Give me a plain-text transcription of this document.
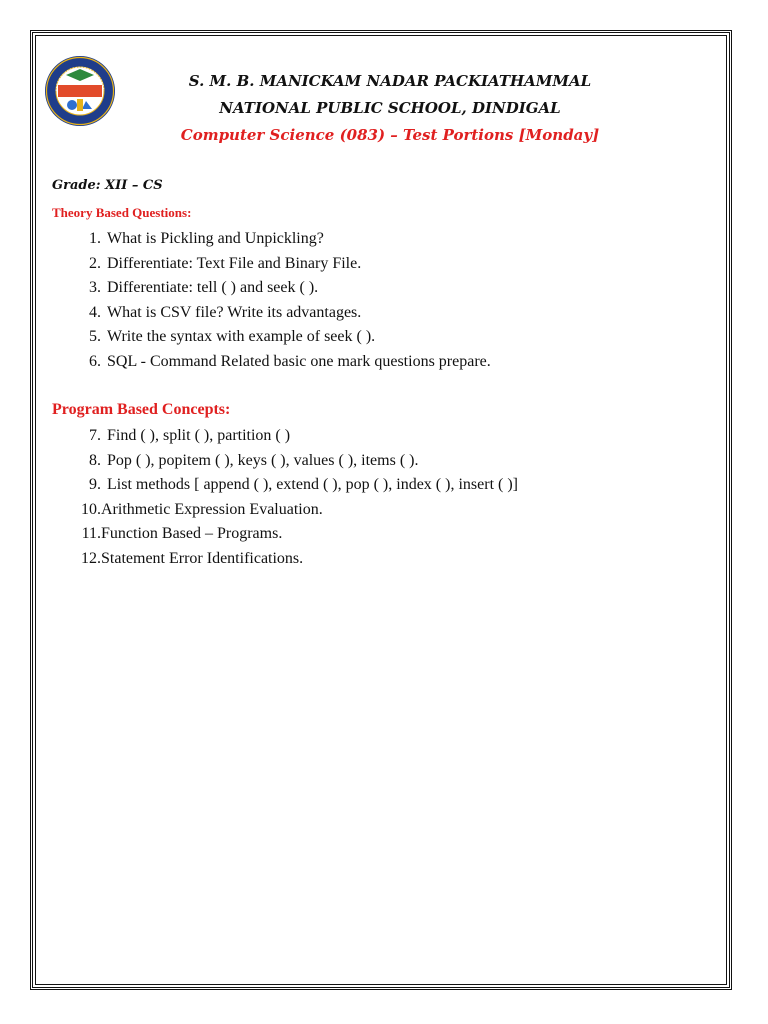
S. M. B. MANICKAM NADAR PACKIATHAMMAL
NATIONAL PUBLIC SCHOOL, DINDIGAL
Computer Science (083) – Test Portions [Monday]
Grade: XII – CS
Theory Based Questions:
1. What is Pickling and Unpickling?
2. Differentiate: Text File and Binary File.
3. Differentiate: tell ( ) and seek ( ).
4. What is CSV file? Write its advantages.
5. Write the syntax with example of seek ( ).
6. SQL - Command Related basic one mark questions prepare.
Program Based Concepts:
7. Find ( ), split ( ), partition ( )
8. Pop ( ), popitem ( ), keys ( ), values ( ), items ( ).
9. List methods [ append ( ), extend ( ), pop ( ), index ( ), insert ( )]
10. Arithmetic Expression Evaluation.
11. Function Based – Programs.
12. Statement Error Identifications.
